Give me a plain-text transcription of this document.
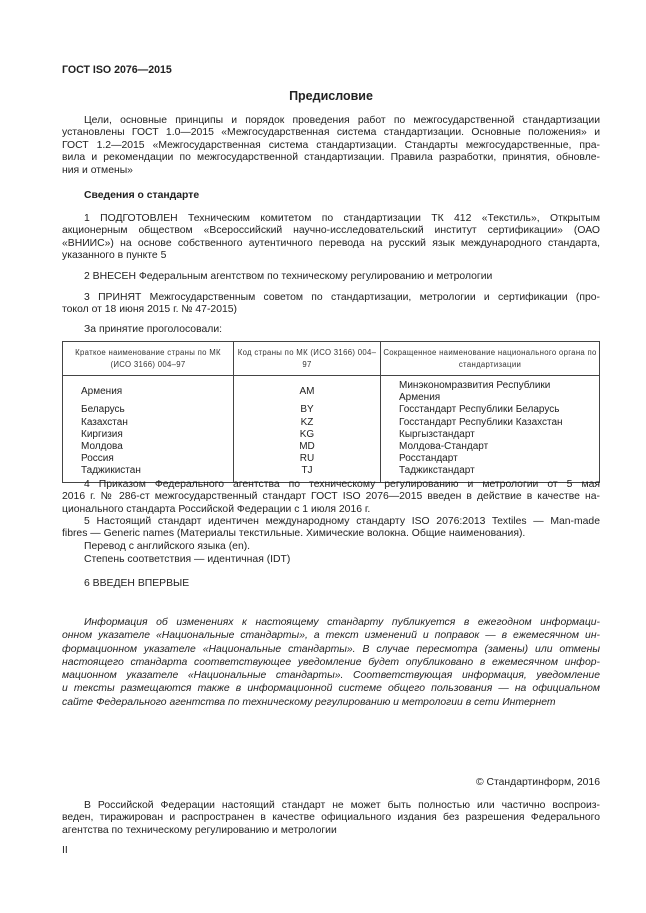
ГОСТ ISO 2076—2015
Предисловие
Цели, основные принципы и порядок проведения работ по межгосударственной стандартизации
установлены ГОСТ 1.0—2015 «Межгосударственная система стандартизации. Основные положения» и
ГОСТ 1.2—2015 «Межгосударственная система стандартизации. Стандарты межгосударственные, пра-
вила и рекомендации по межгосударственной стандартизации. Правила разработки, принятия, обновле-
ния и отмены»
Сведения о стандарте
1 ПОДГОТОВЛЕН Техническим комитетом по стандартизации ТК 412 «Текстиль», Открытым
акционерным обществом «Всероссийский научно-исследовательский институт сертификации» (ОАО
«ВНИИС») на основе собственного аутентичного перевода на русский язык международного стандарта,
указанного в пункте 5
2 ВНЕСЕН Федеральным агентством по техническому регулированию и метрологии
3 ПРИНЯТ Межгосударственным советом по стандартизации, метрологии и сертификации (про-
токол от 18 июня 2015 г. № 47-2015)
За принятие проголосовали:
Краткое наименование страны по МК (ИСО 3166) 004–97	Код страны по МК (ИСО 3166) 004–97	Сокращенное наименование национального органа по стандартизации
Армения	AM	Минэкономразвития Республики Армения
Беларусь	BY	Госстандарт Республики Беларусь
Казахстан	KZ	Госстандарт Республики Казахстан
Киргизия	KG	Кыргызстандарт
Молдова	MD	Молдова-Стандарт
Россия	RU	Росстандарт
Таджикистан	TJ	Таджикстандарт
4 Приказом Федерального агентства по техническому регулированию и метрологии от 5 мая
2016 г. № 286-ст межгосударственный стандарт ГОСТ ISO 2076—2015 введен в действие в качестве на-
ционального стандарта Российской Федерации с 1 июля 2016 г.
5 Настоящий стандарт идентичен международному стандарту ISO 2076:2013 Textiles — Man-made
fibres — Generic names (Материалы текстильные. Химические волокна. Общие наименования).
Перевод с английского языка (en).
Степень соответствия — идентичная (IDT)
6 ВВЕДЕН ВПЕРВЫЕ
Информация об изменениях к настоящему стандарту публикуется в ежегодном информаци-
онном указателе «Национальные стандарты», а текст изменений и поправок — в ежемесячном ин-
формационном указателе «Национальные стандарты». В случае пересмотра (замены) или отмены
настоящего стандарта соответствующее уведомление будет опубликовано в ежемесячном инфор-
мационном указателе «Национальные стандарты». Соответствующая информация, уведомление
и тексты размещаются также в информационной системе общего пользования — на официальном
сайте Федерального агентства по техническому регулированию и метрологии в сети Интернет
© Стандартинформ, 2016
В Российской Федерации настоящий стандарт не может быть полностью или частично воспроиз-
веден, тиражирован и распространен в качестве официального издания без разрешения Федерального
агентства по техническому регулированию и метрологии
II
